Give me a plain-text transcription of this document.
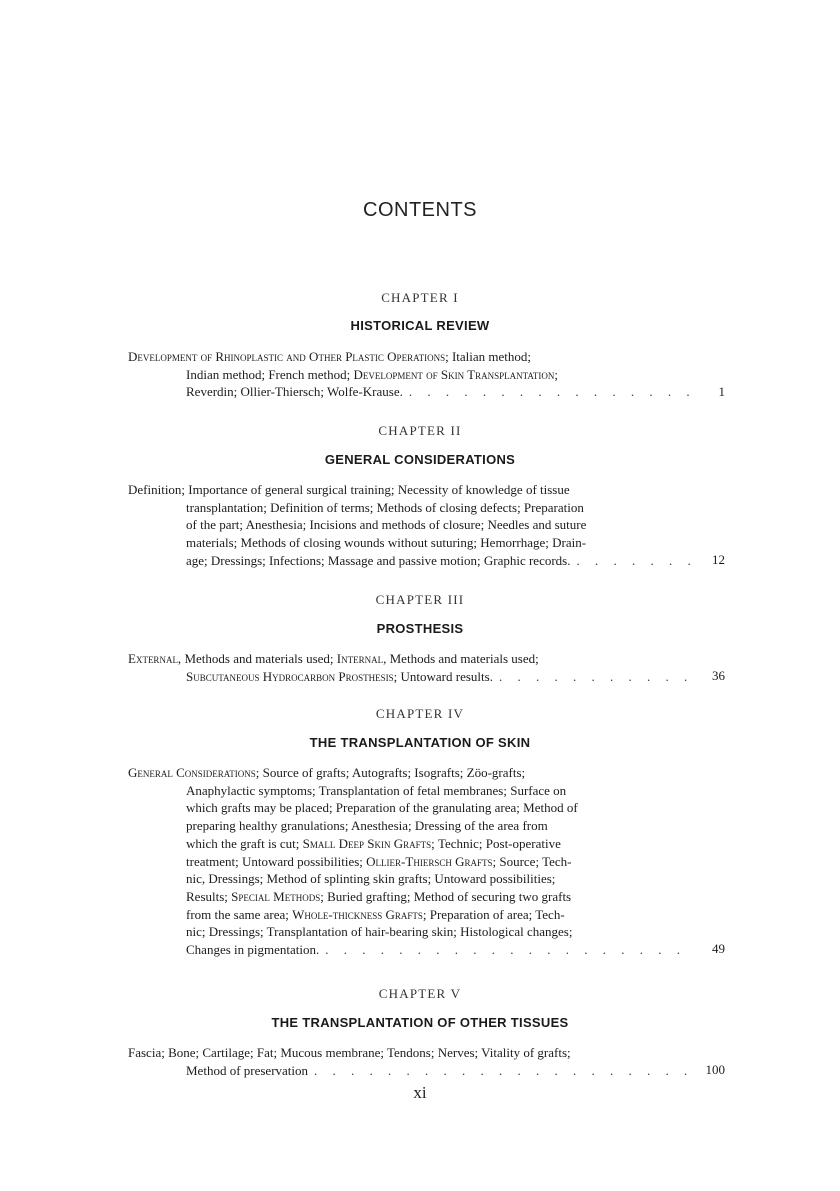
CONTENTS
CHAPTER I
HISTORICAL REVIEW
Development of Rhinoplastic and Other Plastic Operations; Italian method;
Indian method; French method; Development of Skin Transplantation;
Reverdin; Ollier-Thiersch; Wolfe-Krause. . . .	1
CHAPTER II
GENERAL CONSIDERATIONS
Definition; Importance of general surgical training; Necessity of knowledge of tissue
transplantation; Definition of terms; Methods of closing defects; Preparation
of the part; Anesthesia; Incisions and methods of closure; Needles and suture
materials; Methods of closing wounds without suturing; Hemorrhage; Drain-
age; Dressings; Infections; Massage and passive motion; Graphic records. . . .	12
CHAPTER III
PROSTHESIS
External, Methods and materials used; Internal, Methods and materials used;
Subcutaneous Hydrocarbon Prosthesis; Untoward results. . . .	36
CHAPTER IV
THE TRANSPLANTATION OF SKIN
General Considerations; Source of grafts; Autografts; Isografts; Zöo-grafts;
Anaphylactic symptoms; Transplantation of fetal membranes; Surface on
which grafts may be placed; Preparation of the granulating area; Method of
preparing healthy granulations; Anesthesia; Dressing of the area from
which the graft is cut; Small Deep Skin Grafts; Technic; Post-operative
treatment; Untoward possibilities; Ollier-Thiersch Grafts; Source; Tech-
nic, Dressings; Method of splinting skin grafts; Untoward possibilities;
Results; Special Methods; Buried grafting; Method of securing two grafts
from the same area; Whole-thickness Grafts; Preparation of area; Tech-
nic; Dressings; Transplantation of hair-bearing skin; Histological changes;
Changes in pigmentation. . . .	49
CHAPTER V
THE TRANSPLANTATION OF OTHER TISSUES
Fascia; Bone; Cartilage; Fat; Mucous membrane; Tendons; Nerves; Vitality of grafts;
Method of preservation . . .	100
xi
